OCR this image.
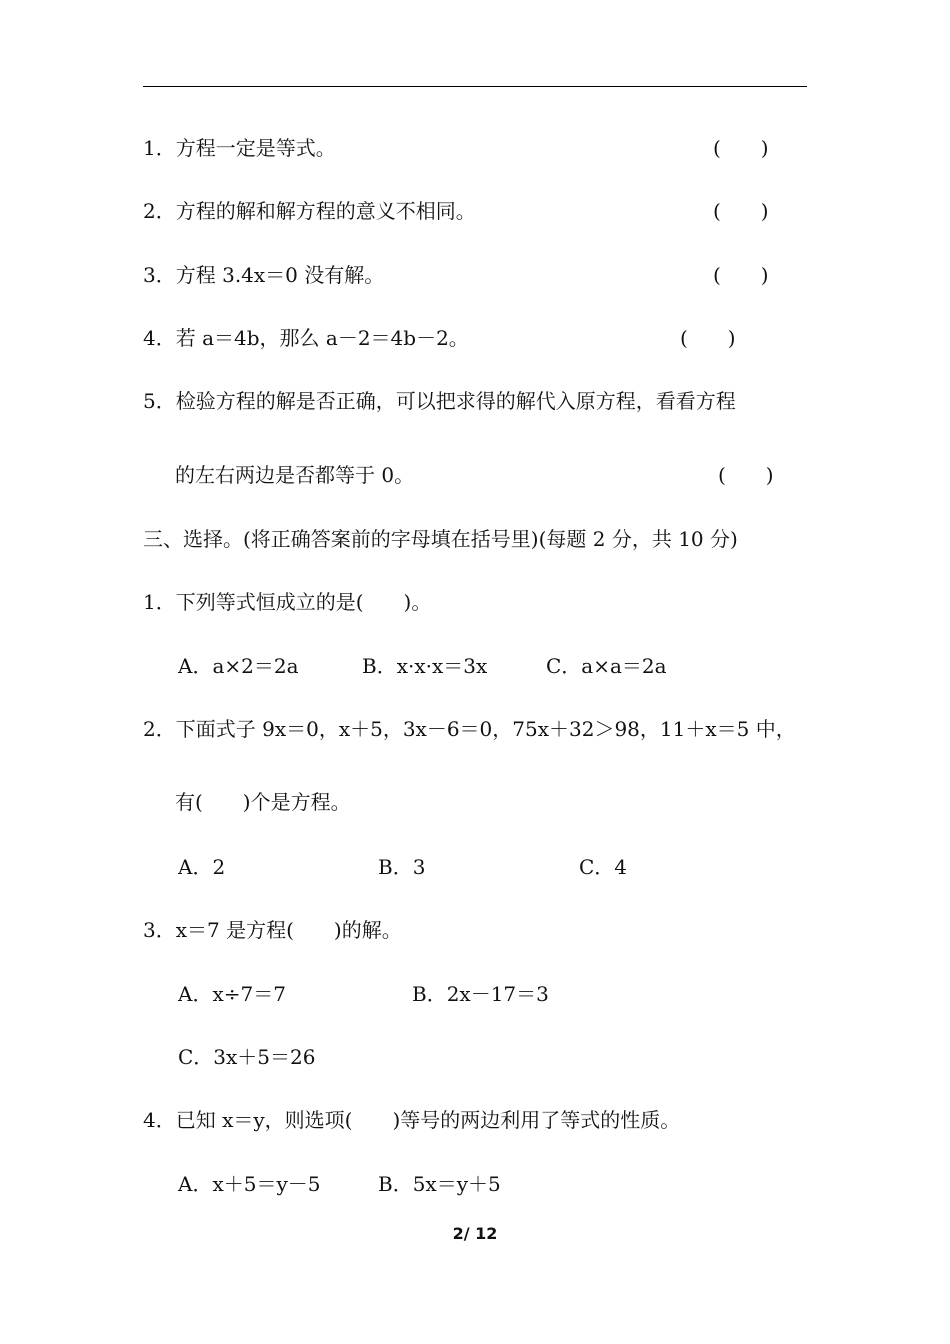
1．方程一定是等式。	(　　)
2．方程的解和解方程的意义不相同。	(　　)
3．方程 3.4x＝0 没有解。	(　　)
4．若 a＝4b，那么 a－2＝4b－2。	(　　)
5．检验方程的解是否正确，可以把求得的解代入原方程，看看方程
的左右两边是否都等于 0。	(　　)
三、选择。(将正确答案前的字母填在括号里)(每题 2 分，共 10 分)
1．下列等式恒成立的是(　　)。
A．a×2＝2a	B．x·x·x＝3x	C．a×a＝2a
2．下面式子 9x＝0，x＋5，3x－6＝0，75x＋32＞98，11＋x＝5 中，
有(　　)个是方程。
A．2	B．3	C．4
3．x＝7 是方程(　　)的解。
A．x÷7＝7	B．2x－17＝3
C．3x＋5＝26
4．已知 x＝y，则选项(　　)等号的两边利用了等式的性质。
A．x＋5＝y－5	B．5x＝y＋5
2/ 12
